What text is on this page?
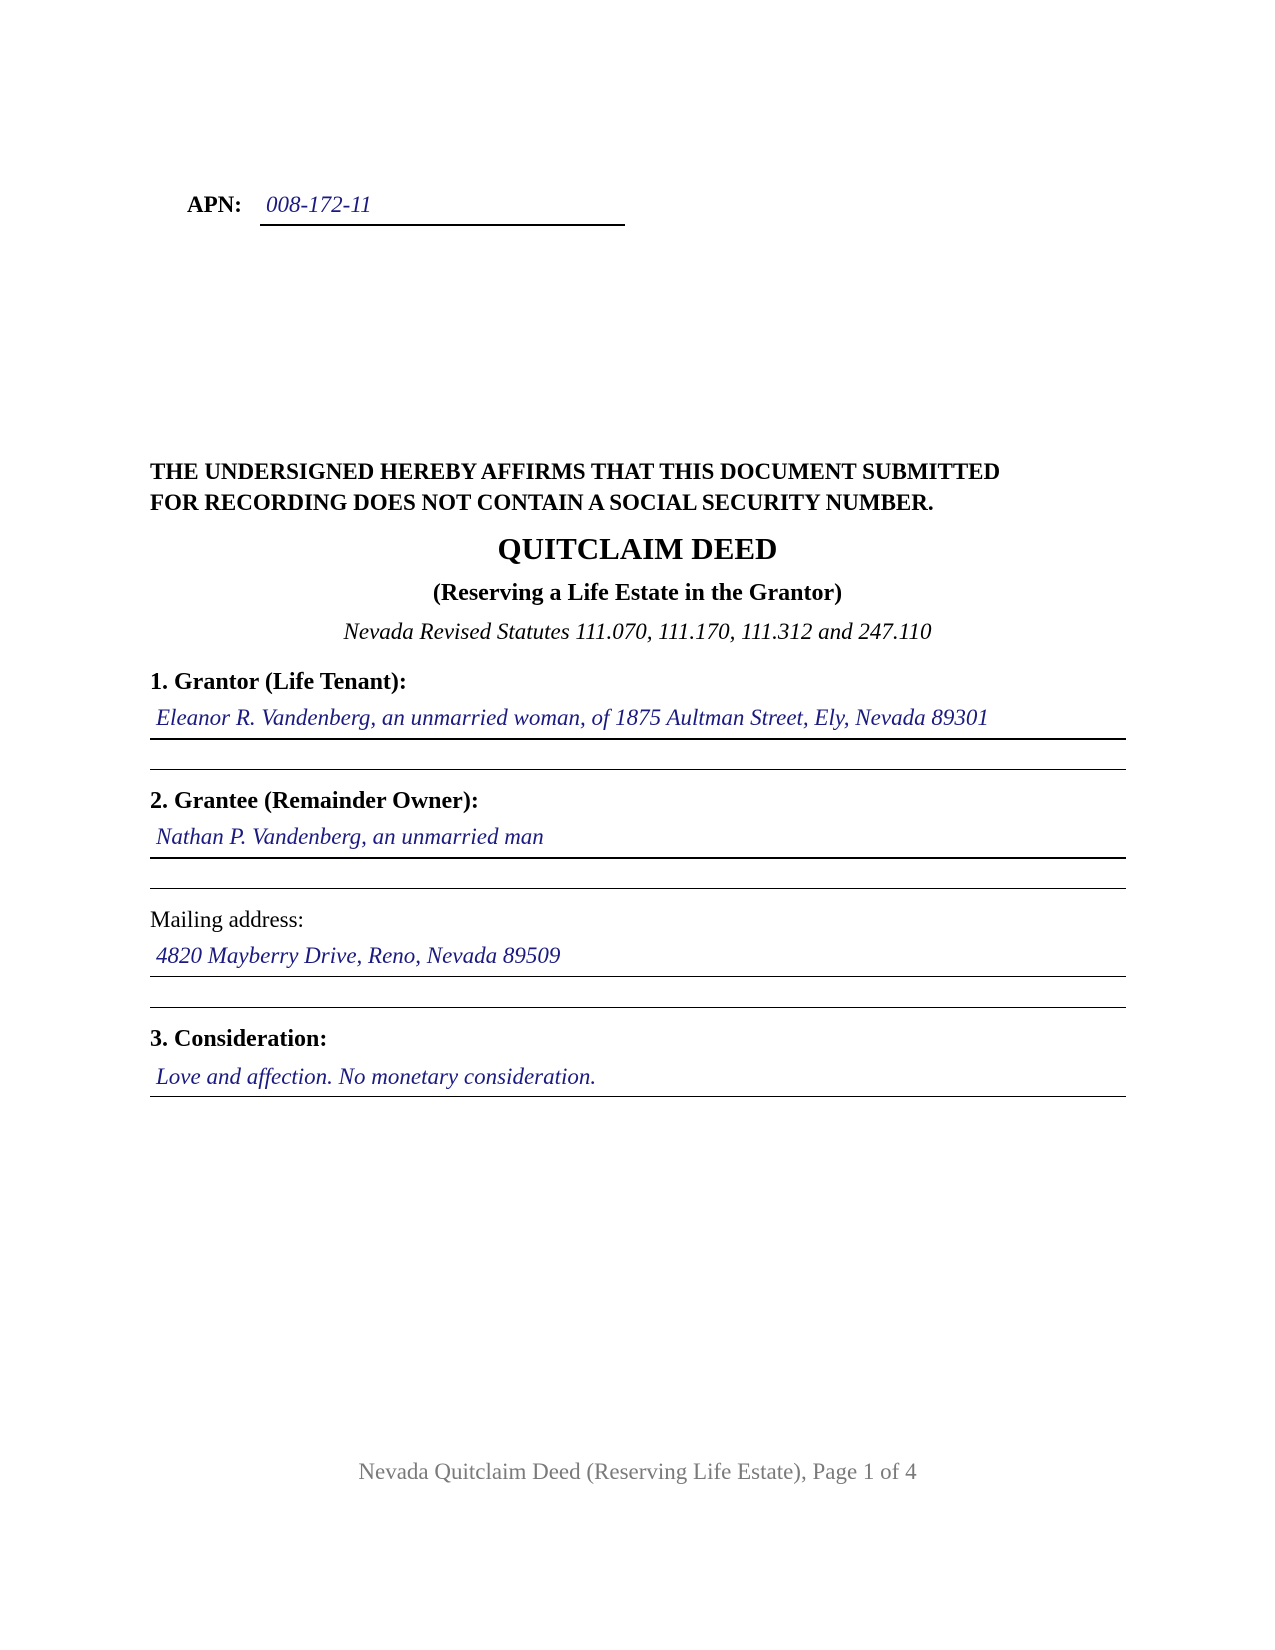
APN: 008-172-11
THE UNDERSIGNED HEREBY AFFIRMS THAT THIS DOCUMENT SUBMITTED
FOR RECORDING DOES NOT CONTAIN A SOCIAL SECURITY NUMBER.
QUITCLAIM DEED
(Reserving a Life Estate in the Grantor)
Nevada Revised Statutes 111.070, 111.170, 111.312 and 247.110
1. Grantor (Life Tenant):
Eleanor R. Vandenberg, an unmarried woman, of 1875 Aultman Street, Ely, Nevada 89301
2. Grantee (Remainder Owner):
Nathan P. Vandenberg, an unmarried man
Mailing address:
4820 Mayberry Drive, Reno, Nevada 89509
3. Consideration:
Love and affection. No monetary consideration.
Nevada Quitclaim Deed (Reserving Life Estate), Page 1 of 4
